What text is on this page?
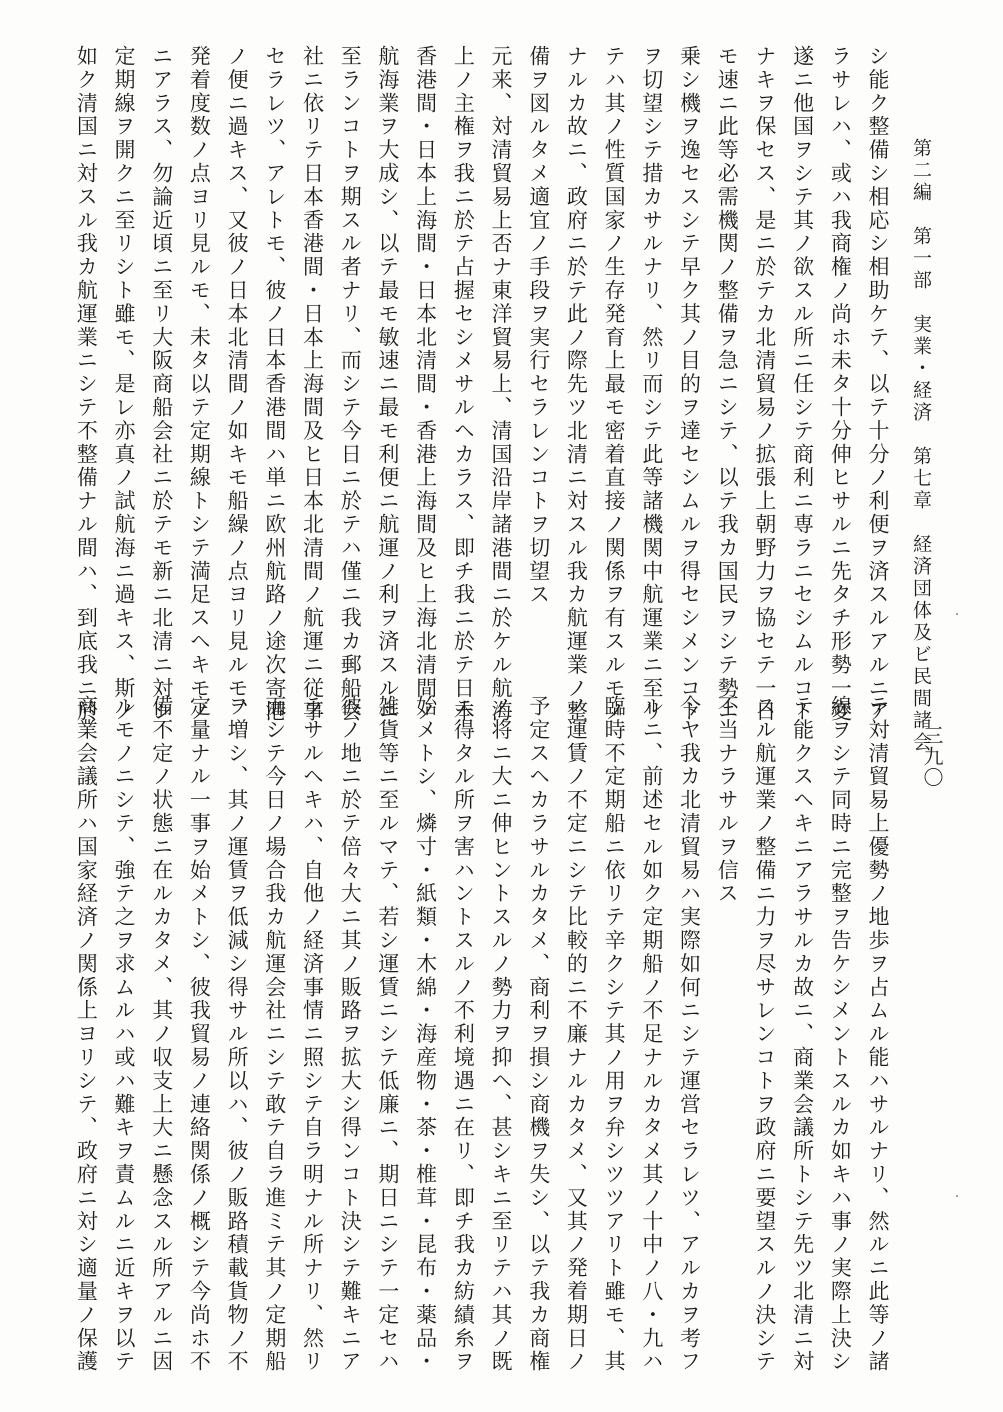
第二編　第一部　実業・経済　第七章　経済団体及ビ民間諸会
三九〇
シ能ク整備シ相応シ相助ケテ、以テ十分ノ利便ヲ済スルアルニア
ラサレハ、或ハ我商権ノ尚ホ未タ十分伸ヒサルニ先タチ形勢一変
遂ニ他国ヲシテ其ノ欲スル所ニ任シテ商利ニ専ラニセシムルコト
ナキヲ保セス、是ニ於テカ北清貿易ノ拡張上朝野力ヲ協セテ一日
モ速ニ此等必需機関ノ整備ヲ急ニシテ、以テ我カ国民ヲシテ勢ニ
乗シ機ヲ逸セスシテ早ク其ノ目的ヲ達セシムルヲ得セシメンコト
ヲ切望シテ措カサルナリ、然リ而シテ此等諸機関中航運業ニ至リ
テハ其ノ性質国家ノ生存発育上最モ密着直接ノ関係ヲ有スルモノ
ナルカ故ニ、政府ニ於テ此ノ際先ツ北清ニ対スル我カ航運業ノ整
備ヲ図ルタメ適宜ノ手段ヲ実行セラレンコトヲ切望ス
元来、対清貿易上否ナ東洋貿易上、清国沿岸諸港間ニ於ケル航海
上ノ主権ヲ我ニ於テ占握セシメサルヘカラス、即チ我ニ於テ日本
香港間・日本上海間・日本北清間・香港上海間及ヒ上海北清間ノ
航海業ヲ大成シ、以テ最モ敏速ニ最モ利便ニ航運ノ利ヲ済スルニ
至ランコトヲ期スル者ナリ、而シテ今日ニ於テハ僅ニ我カ郵船会
社ニ依リテ日本香港間・日本上海間及ヒ日本北清間ノ航運ニ従事
セラレツ、アレトモ、彼ノ日本香港間ハ単ニ欧州航路ノ途次寄港
ノ便ニ過キス、又彼ノ日本北清間ノ如キモ船繰ノ点ヨリ見ルモ、
発着度数ノ点ヨリ見ルモ、未タ以テ定期線トシテ満足スヘキモノ
ニアラス、勿論近頃ニ至リ大阪商船会社ニ於テモ新ニ北清ニ対シ
定期線ヲ開クニ至リシト雖モ、是レ亦真ノ試航海ニ過キス、斯ノ
如ク清国ニ対スル我カ航運業ニシテ不整備ナル間ハ、到底我ニ於
テ対清貿易上優勢ノ地歩ヲ占ムル能ハサルナリ、然ルニ此等ノ諸
線ヲシテ同時ニ完整ヲ告ケシメントスルカ如キハ事ノ実際上決シ
テ能クスヘキニアラサルカ故ニ、商業会議所トシテ先ツ北清ニ対
スル航運業ノ整備ニ力ヲ尽サレンコトヲ政府ニ要望スルノ決シテ
不当ナラサルヲ信ス
今ヤ我カ北清貿易ハ実際如何ニシテ運営セラレツ、アルカヲ考フ
ルニ、前述セル如ク定期船ノ不足ナルカタメ其ノ十中ノ八・九ハ
臨時不定期船ニ依リテ辛クシテ其ノ用ヲ弁シツツアリト雖モ、其
ノ運賃ノ不定ニシテ比較的ニ不廉ナルカタメ、又其ノ発着期日ノ
予定スヘカラサルカタメ、商利ヲ損シ商機ヲ失シ、以テ我カ商権
ノ将ニ大ニ伸ヒントスルノ勢力ヲ抑ヘ、甚シキニ至リテハ其ノ既
ニ得タル所ヲ害ハントスルノ不利境遇ニ在リ、即チ我カ紡績糸ヲ
始メトシ、燐寸・紙類・木綿・海産物・茶・椎茸・昆布・薬品・
雑貨等ニ至ルマテ、若シ運賃ニシテ低廉ニ、期日ニシテ一定セハ
彼ノ地ニ於テ倍々大ニ其ノ販路ヲ拡大シ得ンコト決シテ難キニア
ラサルヘキハ、自他ノ経済事情ニ照シテ自ラ明ナル所ナリ、然リ
而シテ今日ノ場合我カ航運会社ニシテ敢テ自ラ進ミテ其ノ定期船
ヲ増シ、其ノ運賃ヲ低減シ得サル所以ハ、彼ノ販路積載貨物ノ不
定量ナル一事ヲ始メトシ、彼我貿易ノ連絡関係ノ概シテ今尚ホ不
備不定ノ状態ニ在ルカタメ、其ノ収支上大ニ懸念スル所アルニ因
ルモノニシテ、強テ之ヲ求ムルハ或ハ難キヲ責ムルニ近キヲ以テ
商業会議所ハ国家経済ノ関係上ヨリシテ、政府ニ対シ適量ノ保護
・
・
